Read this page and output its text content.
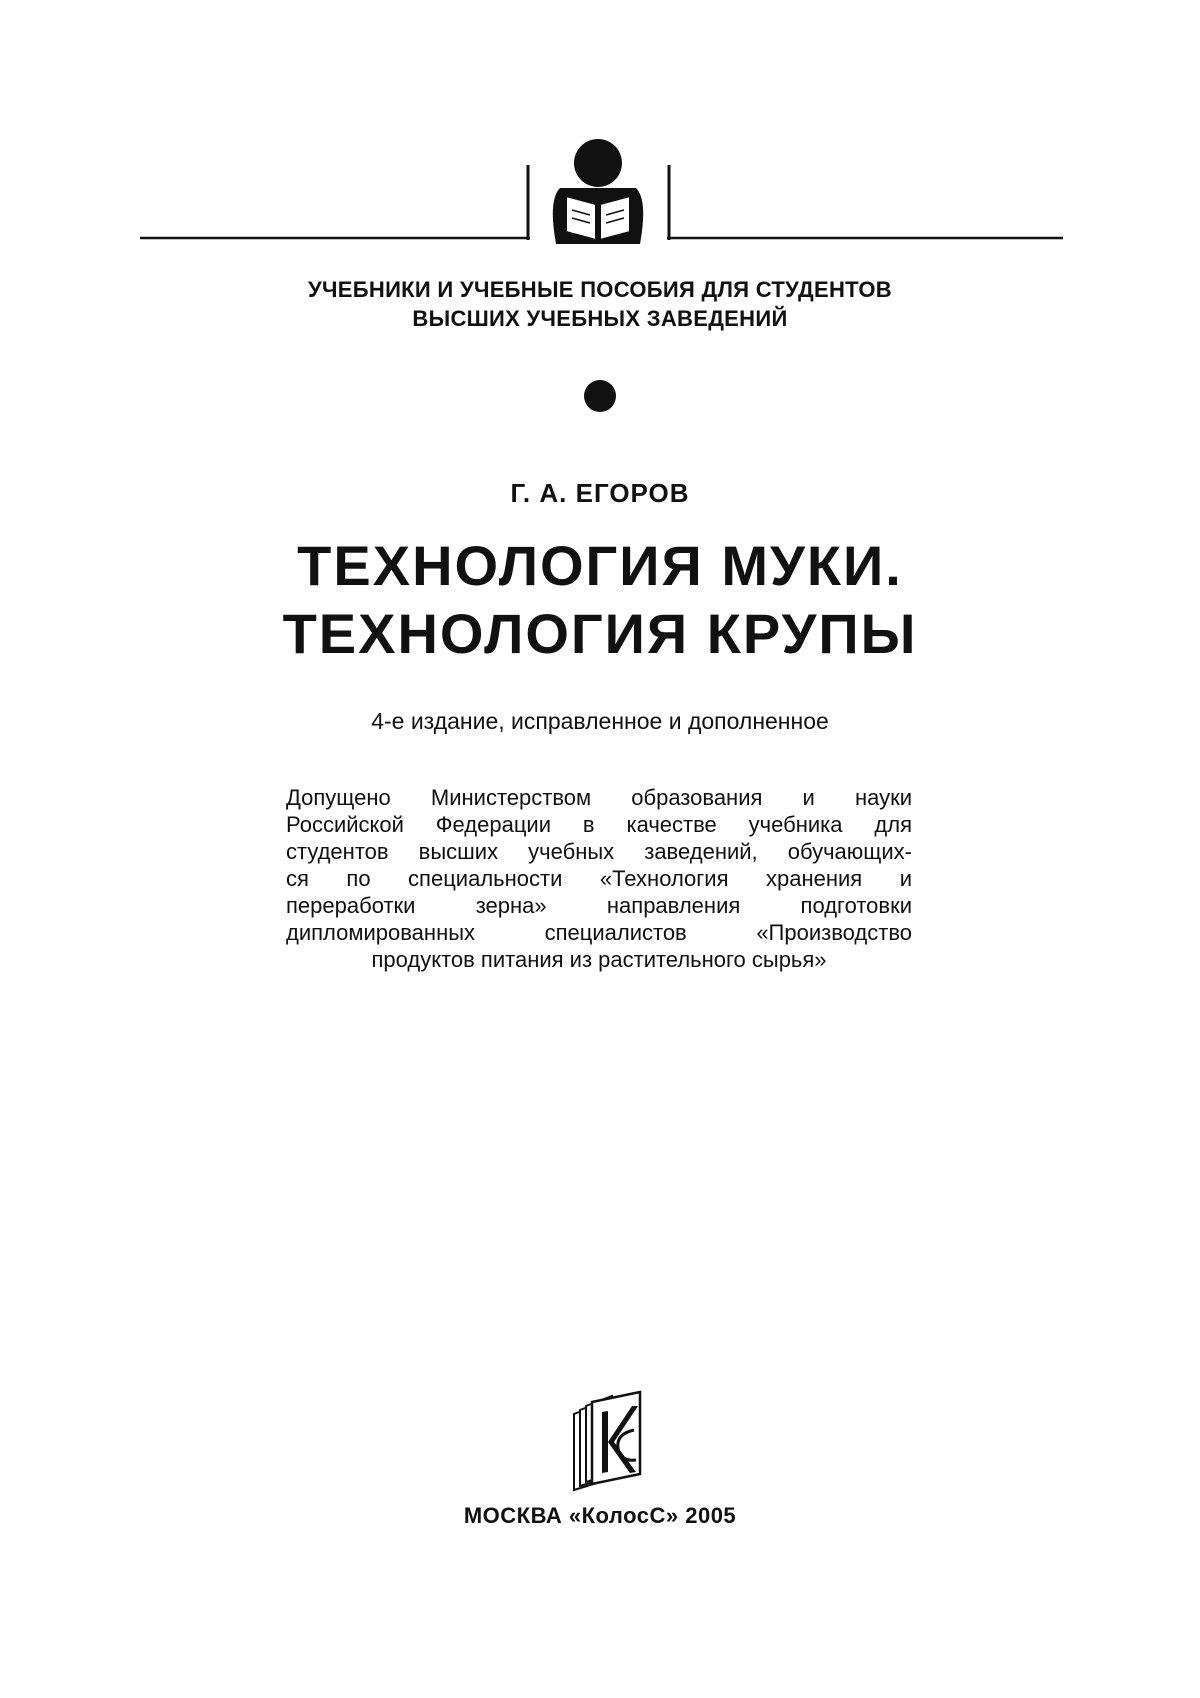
УЧЕБНИКИ И УЧЕБНЫЕ ПОСОБИЯ ДЛЯ СТУДЕНТОВ
ВЫСШИХ УЧЕБНЫХ ЗАВЕДЕНИЙ
Г. А. ЕГОРОВ
ТЕХНОЛОГИЯ МУКИ.
ТЕХНОЛОГИЯ КРУПЫ
4-е издание, исправленное и дополненное
Допущено Министерством образования и науки
Российской Федерации в качестве учебника для
студентов высших учебных заведений, обучающих-
ся по специальности «Технология хранения и
переработки зерна» направления подготовки
дипломированных специалистов «Производство
продуктов питания из растительного сырья»
МОСКВА «КолосС» 2005
